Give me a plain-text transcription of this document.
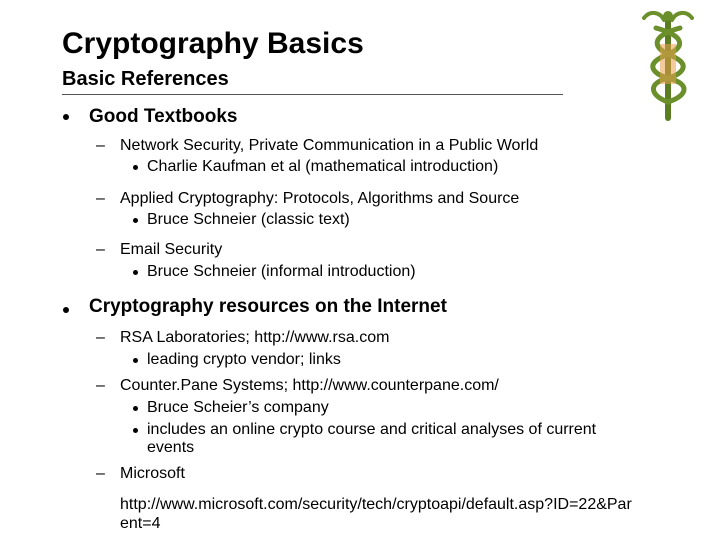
Cryptography Basics
Basic References
Good Textbooks
– Network Security, Private Communication in a Public World
Charlie Kaufman et al (mathematical introduction)
– Applied Cryptography: Protocols, Algorithms and Source
Bruce Schneier (classic text)
– Email Security
Bruce Schneier (informal introduction)
Cryptography resources on the Internet
– RSA Laboratories; http://www.rsa.com
leading crypto vendor; links
– Counter.Pane Systems; http://www.counterpane.com/
Bruce Scheier’s company
includes an online crypto course and critical analyses of current
events
– Microsoft
http://www.microsoft.com/security/tech/cryptoapi/default.asp?ID=22&Par
ent=4
